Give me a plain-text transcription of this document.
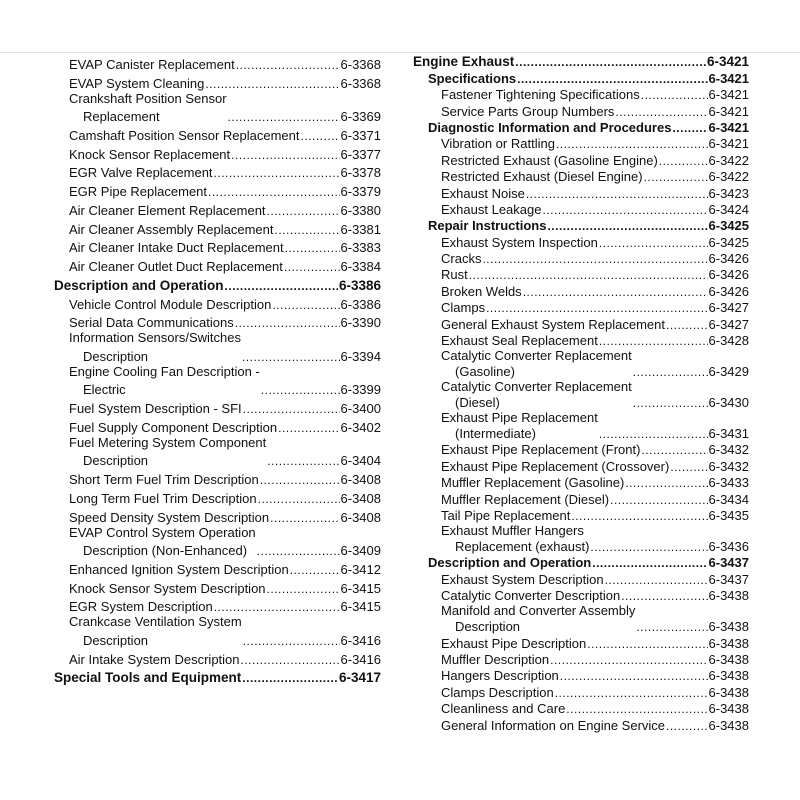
EVAP Canister Replacement .....	6-3368
EVAP System Cleaning .....	6-3368
Crankshaft Position Sensor
Replacement .....	6-3369
Camshaft Position Sensor Replacement .....	6-3371
Knock Sensor Replacement .....	6-3377
EGR Valve Replacement .....	6-3378
EGR Pipe Replacement .....	6-3379
Air Cleaner Element Replacement .....	6-3380
Air Cleaner Assembly Replacement .....	6-3381
Air Cleaner Intake Duct Replacement .....	6-3383
Air Cleaner Outlet Duct Replacement .....	6-3384
Description and Operation .....	6-3386
Vehicle Control Module Description .....	6-3386
Serial Data Communications .....	6-3390
Information Sensors/Switches
Description .....	6-3394
Engine Cooling Fan Description -
Electric .....	6-3399
Fuel System Description - SFI .....	6-3400
Fuel Supply Component Description .....	6-3402
Fuel Metering System Component
Description .....	6-3404
Short Term Fuel Trim Description .....	6-3408
Long Term Fuel Trim Description .....	6-3408
Speed Density System Description .....	6-3408
EVAP Control System Operation
Description (Non-Enhanced) .....	6-3409
Enhanced Ignition System Description .....	6-3412
Knock Sensor System Description .....	6-3415
EGR System Description .....	6-3415
Crankcase Ventilation System
Description .....	6-3416
Air Intake System Description .....	6-3416
Special Tools and Equipment .....	6-3417
Engine Exhaust .....	6-3421
Specifications .....	6-3421
Fastener Tightening Specifications .....	6-3421
Service Parts Group Numbers .....	6-3421
Diagnostic Information and Procedures .....	6-3421
Vibration or Rattling .....	6-3421
Restricted Exhaust (Gasoline Engine) .....	6-3422
Restricted Exhaust (Diesel Engine) .....	6-3422
Exhaust Noise .....	6-3423
Exhaust Leakage .....	6-3424
Repair Instructions .....	6-3425
Exhaust System Inspection .....	6-3425
Cracks .....	6-3426
Rust .....	6-3426
Broken Welds .....	6-3426
Clamps .....	6-3427
General Exhaust System Replacement .....	6-3427
Exhaust Seal Replacement .....	6-3428
Catalytic Converter Replacement
(Gasoline) .....	6-3429
Catalytic Converter Replacement
(Diesel) .....	6-3430
Exhaust Pipe Replacement
(Intermediate) .....	6-3431
Exhaust Pipe Replacement (Front) .....	6-3432
Exhaust Pipe Replacement (Crossover) .....	6-3432
Muffler Replacement (Gasoline) .....	6-3433
Muffler Replacement (Diesel) .....	6-3434
Tail Pipe Replacement .....	6-3435
Exhaust Muffler Hangers
Replacement (exhaust) .....	6-3436
Description and Operation .....	6-3437
Exhaust System Description .....	6-3437
Catalytic Converter Description .....	6-3438
Manifold and Converter Assembly
Description .....	6-3438
Exhaust Pipe Description .....	6-3438
Muffler Description .....	6-3438
Hangers Description .....	6-3438
Clamps Description .....	6-3438
Cleanliness and Care .....	6-3438
General Information on Engine Service .....	6-3438
